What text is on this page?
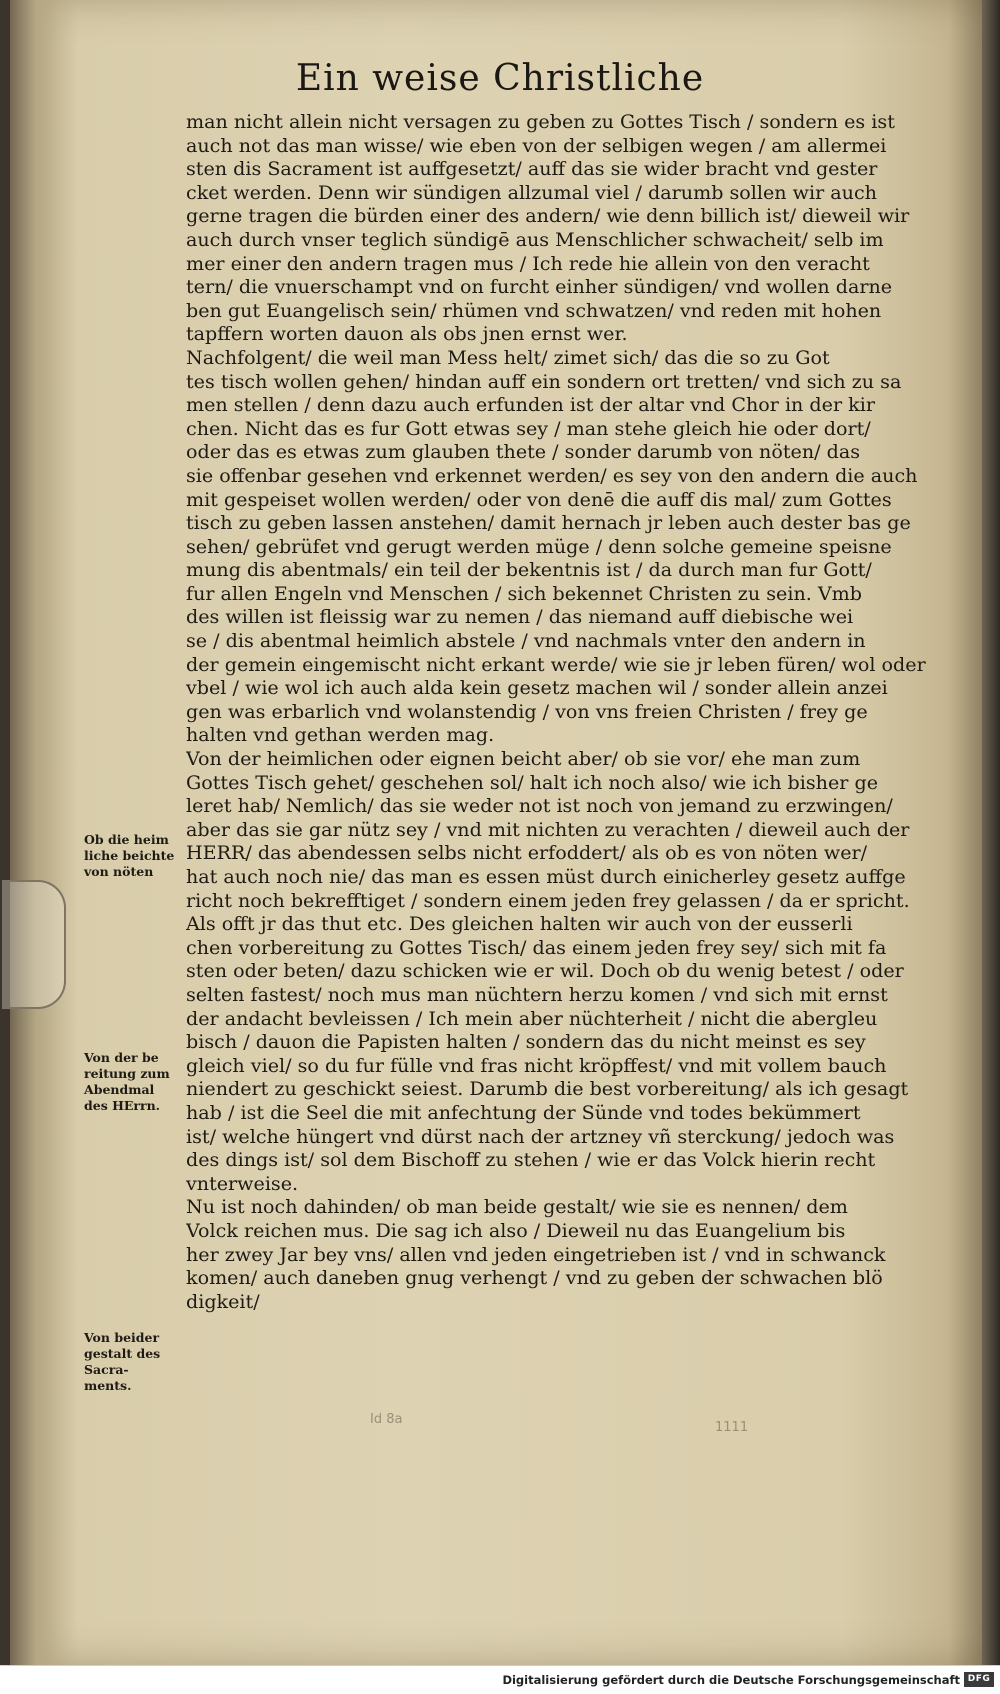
Ein weise Christliche
man nicht allein nicht versagen zu geben zu Gottes Tisch / sondern es ist
auch not das man wisse/ wie eben von der selbigen wegen / am allermei
sten dis Sacrament ist auffgesetzt/ auff das sie wider bracht vnd gester
cket werden. Denn wir sündigen allzumal viel / darumb sollen wir auch
gerne tragen die bürden einer des andern/ wie denn billich ist/ dieweil wir
auch durch vnser teglich sündigē aus Menschlicher schwacheit/ selb im
mer einer den andern tragen mus / Ich rede hie allein von den veracht
tern/ die vnuerschampt vnd on furcht einher sündigen/ vnd wollen darne
ben gut Euangelisch sein/ rhümen vnd schwatzen/ vnd reden mit hohen
tapffern worten dauon als obs jnen ernst wer.
Nachfolgent/ die weil man Mess helt/ zimet sich/ das die so zu Got
tes tisch wollen gehen/ hindan auff ein sondern ort tretten/ vnd sich zu sa
men stellen / denn dazu auch erfunden ist der altar vnd Chor in der kir
chen. Nicht das es fur Gott etwas sey / man stehe gleich hie oder dort/
oder das es etwas zum glauben thete / sonder darumb von nöten/ das
sie offenbar gesehen vnd erkennet werden/ es sey von den andern die auch
mit gespeiset wollen werden/ oder von denē die auff dis mal/ zum Gottes
tisch zu geben lassen anstehen/ damit hernach jr leben auch dester bas ge
sehen/ gebrüfet vnd gerugt werden müge / denn solche gemeine speisne
mung dis abentmals/ ein teil der bekentnis ist / da durch man fur Gott/
fur allen Engeln vnd Menschen / sich bekennet Christen zu sein. Vmb
des willen ist fleissig war zu nemen / das niemand auff diebische wei
se / dis abentmal heimlich abstele / vnd nachmals vnter den andern in
der gemein eingemischt nicht erkant werde/ wie sie jr leben füren/ wol oder
vbel / wie wol ich auch alda kein gesetz machen wil / sonder allein anzei
gen was erbarlich vnd wolanstendig / von vns freien Christen / frey ge
halten vnd gethan werden mag.
Von der heimlichen oder eignen beicht aber/ ob sie vor/ ehe man zum
Gottes Tisch gehet/ geschehen sol/ halt ich noch also/ wie ich bisher ge
leret hab/ Nemlich/ das sie weder not ist noch von jemand zu erzwingen/
aber das sie gar nütz sey / vnd mit nichten zu verachten / dieweil auch der
HERR/ das abendessen selbs nicht erfoddert/ als ob es von nöten wer/
hat auch noch nie/ das man es essen müst durch einicherley gesetz auffge
richt noch bekrefftiget / sondern einem jeden frey gelassen / da er spricht.
Als offt jr das thut etc. Des gleichen halten wir auch von der eusserli
chen vorbereitung zu Gottes Tisch/ das einem jeden frey sey/ sich mit fa
sten oder beten/ dazu schicken wie er wil. Doch ob du wenig betest / oder
selten fastest/ noch mus man nüchtern herzu komen / vnd sich mit ernst
der andacht bevleissen / Ich mein aber nüchterheit / nicht die abergleu
bisch / dauon die Papisten halten / sondern das du nicht meinst es sey
gleich viel/ so du fur fülle vnd fras nicht kröpffest/ vnd mit vollem bauch
niendert zu geschickt seiest. Darumb die best vorbereitung/ als ich gesagt
hab / ist die Seel die mit anfechtung der Sünde vnd todes bekümmert
ist/ welche hüngert vnd dürst nach der artzney vñ sterckung/ jedoch was
des dings ist/ sol dem Bischoff zu stehen / wie er das Volck hierin recht
vnterweise.
Nu ist noch dahinden/ ob man beide gestalt/ wie sie es nennen/ dem
Volck reichen mus. Die sag ich also / Dieweil nu das Euangelium bis
her zwey Jar bey vns/ allen vnd jeden eingetrieben ist / vnd in schwanck
komen/ auch daneben gnug verhengt / vnd zu geben der schwachen blö
digkeit/
Ob die heim
liche beichte
von nöten
Von der be
reitung zum
Abendmal
des HErrn.
Von beider
gestalt des
Sacra-
ments.
Id 8a
1111
Digitalisierung gefördert durch die Deutsche Forschungsgemeinschaft DFG
